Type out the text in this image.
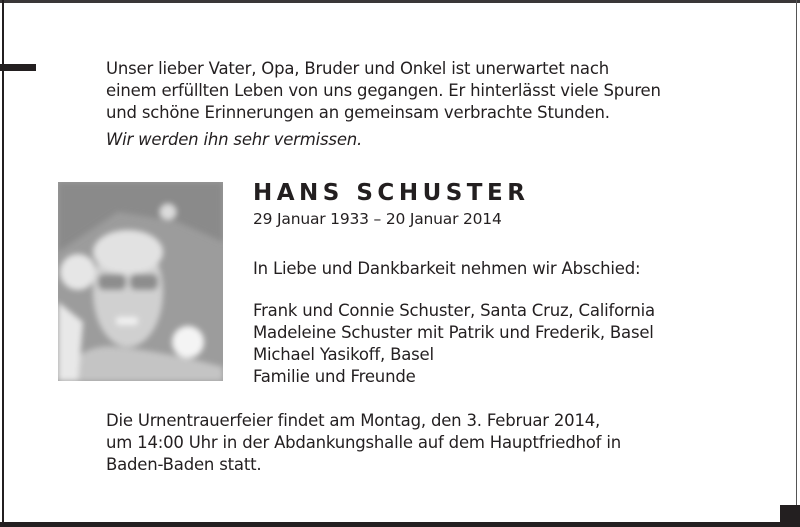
Unser lieber Vater, Opa, Bruder und Onkel ist unerwartet nach
einem erfüllten Leben von uns gegangen. Er hinterlässt viele Spuren
und schöne Erinnerungen an gemeinsam verbrachte Stunden.
Wir werden ihn sehr vermissen.
HANS SCHUSTER
29 Januar 1933 – 20 Januar 2014
In Liebe und Dankbarkeit nehmen wir Abschied:
Frank und Connie Schuster, Santa Cruz, California
Madeleine Schuster mit Patrik und Frederik, Basel
Michael Yasikoff, Basel
Familie und Freunde
Die Urnentrauerfeier findet am Montag, den 3. Februar 2014,
um 14:00 Uhr in der Abdankungshalle auf dem Hauptfriedhof in
Baden-Baden statt.
